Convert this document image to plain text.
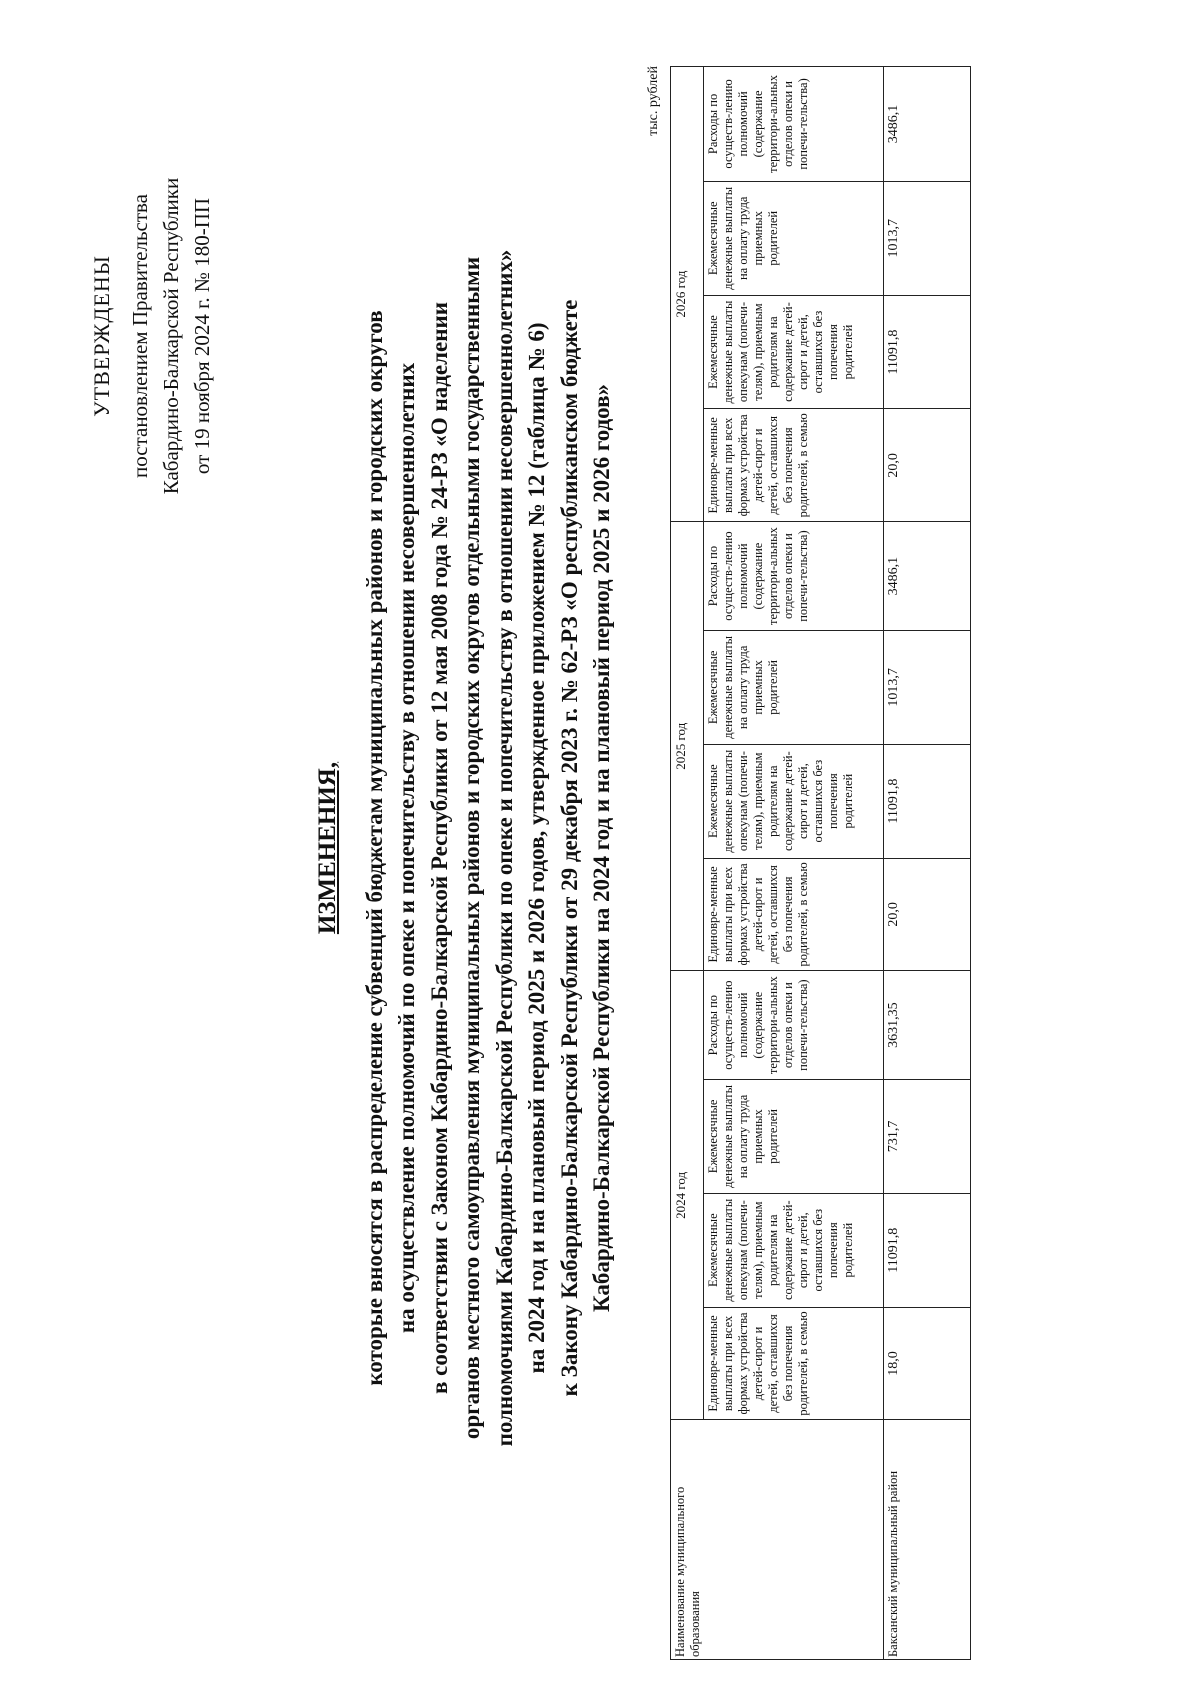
УТВЕРЖДЕНЫ постановлением Правительства Кабардино-Балкарской Республики от 19 ноября 2024 г. № 180-ПП
ИЗМЕНЕНИЯ, которые вносятся в распределение субвенций бюджетам муниципальных районов и городских округов на осуществление полномочий по опеке и попечительству в отношении несовершеннолетних в соответствии с Законом Кабардино-Балкарской Республики от 12 мая 2008 года № 24-РЗ «О наделении органов местного самоуправления муниципальных районов и городских округов отдельными государственными полномочиями Кабардино-Балкарской Республики по опеке и попечительству в отношении несовершеннолетних» на 2024 год и на плановый период 2025 и 2026 годов, утвержденное приложением № 12 (таблица № 6) к Закону Кабардино-Балкарской Республики от 29 декабря 2023 г. № 62-РЗ «О республиканском бюджете Кабардино-Балкарской Республики на 2024 год и на плановый период 2025 и 2026 годов»
тыс. рублей
Наименование муниципального образования	2024 год				2025 год				2026 год			
	Единовре-менные выплаты при всех формах устройства детей-сирот и детей, оставшихся без попечения родителей, в семью	Ежемесячные денежные выплаты опекунам (попечи-телям), приемным родителям на содержание детей-сирот и детей, оставшихся без попечения родителей	Ежемесячные денежные выплаты на оплату труда приемных родителей	Расходы по осуществ-лению полномочий (содержание территори-альных отделов опеки и попечи-тельства)	Единовре-менные выплаты при всех формах устройства детей-сирот и детей, оставшихся без попечения родителей, в семью	Ежемесячные денежные выплаты опекунам (попечи-телям), приемным родителям на содержание детей-сирот и детей, оставшихся без попечения родителей	Ежемесячные денежные выплаты на оплату труда приемных родителей	Расходы по осуществ-лению полномочий (содержание территори-альных отделов опеки и попечи-тельства)	Единовре-менные выплаты при всех формах устройства детей-сирот и детей, оставшихся без попечения родителей, в семью	Ежемесячные денежные выплаты опекунам (попечи-телям), приемным родителям на содержание детей-сирот и детей, оставшихся без попечения родителей	Ежемесячные денежные выплаты на оплату труда приемных родителей	Расходы по осуществ-лению полномочий (содержание территори-альных отделов опеки и попечи-тельства)
Баксанский муниципальный район	18,0	11091,8	731,7	3631,35	20,0	11091,8	1013,7	3486,1	20,0	11091,8	1013,7	3486,1
